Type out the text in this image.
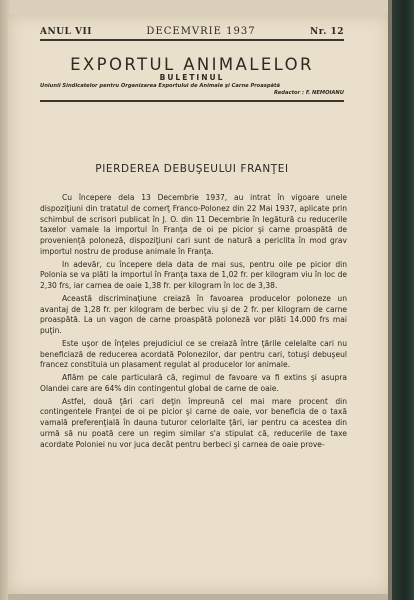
ANUL VII	DECEMVRIE 1937	Nr. 12
EXPORTUL ANIMALELOR
BULETINUL
Uniunii Sindicatelor pentru Organizarea Exportului de Animale şi Carne Proaspătă
Redactor : F. NEMOIANU
PIERDEREA DEBUŞEULUI FRANŢEI

Cu începere dela 13 Decembrie 1937, au intrat în vigoare unele dispoziţiuni din tratatul de comerţ Franco-Polonez din 22 Mai 1937, aplicate prin schimbul de scrisori publicat în J. O. din 11 Decembrie în legătură cu reducerile taxelor vamale la importul în Franţa de oi pe picior şi carne proaspătă de proveniență poloneză, dispoziţiuni cari sunt de natură a periclita în mod grav importul nostru de produse animale în Franţa.

In adevăr, cu începere dela data de mai sus, pentru oile pe picior din Polonia se va plăti la importul în Franţa taxa de 1,02 fr. per kilogram viu în loc de 2,30 frs, iar carnea de oaie 1,38 fr. per kilogram în loc de 3,38.

Această discriminaţiune creiază în favoarea producelor poloneze un avantaj de 1,28 fr. per kilogram de berbec viu şi de 2 fr. per kilogram de carne proaspătă. La un vagon de carne proaspătă poloneză vor plăti 14.000 frs mai puţin.

Este uşor de înţeles prejudiciul ce se creiază între ţările celelalte cari nu beneficiază de reducerea acordată Polonezilor, dar pentru cari, totuşi debuşeul francez constituia un plasament regulat al producelor lor animale.

Aflăm pe cale particulară că, regimul de favoare va fi extins şi asupra Olandei care are 64% din contingentul global de carne de oaie.

Astfel, două ţări cari deţin împreună cel mai mare procent din contingentele Franţei de oi pe picior şi carne de oaie, vor beneficia de o taxă vamală preferenţială în dauna tuturor celorlalte ţări, iar pentru ca acestea din urmă să nu poată cere un regim similar s'a stipulat că, reducerile de taxe acordate Poloniei nu vor juca decât pentru berbeci şi carnea de oaie prove-
